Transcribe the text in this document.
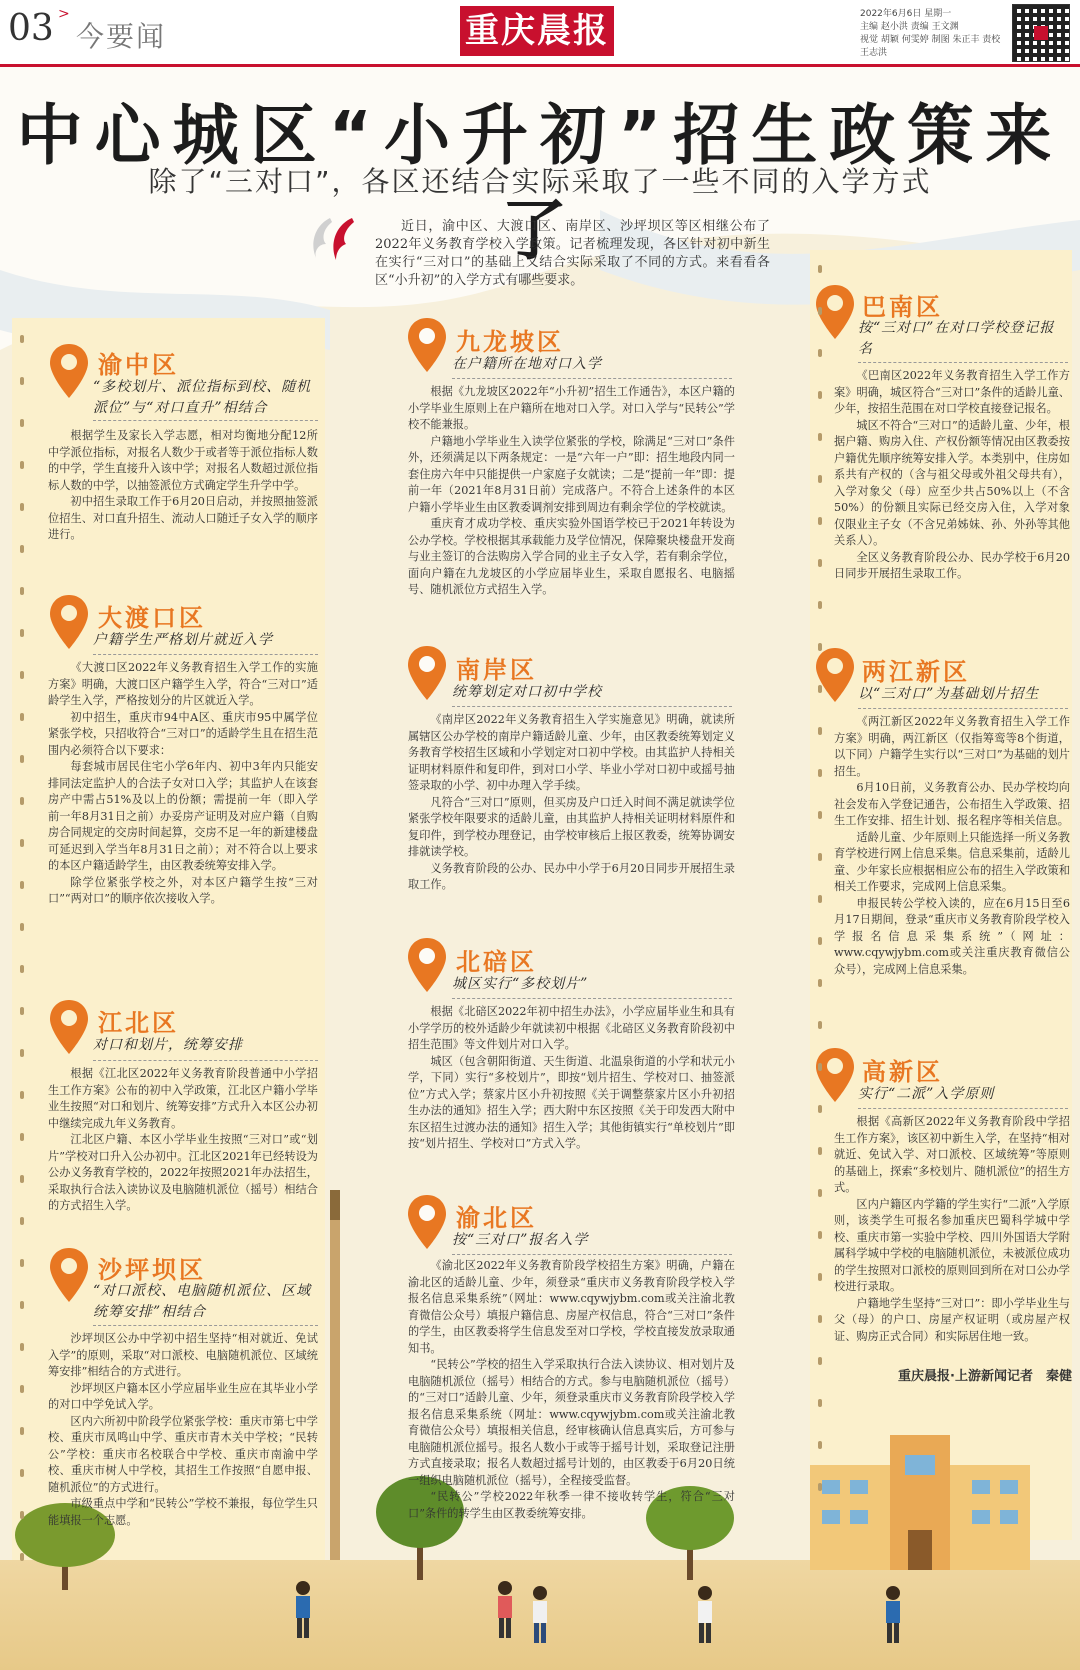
03 >
今要闻	重庆晨报	2022年6月6日 星期一
主编 赵小洪 责编 王文渊
视觉 胡颖 何雯婷 制图 朱正丰 责校 王志洪
中心城区“小升初”招生政策来了
除了“三对口”，各区还结合实际采取了一些不同的入学方式
近日，渝中区、大渡口区、南岸区、沙坪坝区等区相继公布了2022年义务教育学校入学政策。记者梳理发现，各区针对初中新生在实行“三对口”的基础上又结合实际采取了不同的方式。来看看各区“小升初”的入学方式有哪些要求。
渝中区
“多校划片、派位指标到校、随机派位”与“对口直升”相结合

根据学生及家长入学志愿，相对均衡地分配12所中学派位指标，对报名人数少于或者等于派位指标人数的中学，学生直接升入该中学；对报名人数超过派位指标人数的中学，以抽签派位方式确定学生升学中学。

初中招生录取工作于6月20日启动，并按照抽签派位招生、对口直升招生、流动人口随迁子女入学的顺序进行。

大渡口区
户籍学生严格划片就近入学

《大渡口区2022年义务教育招生入学工作的实施方案》明确，大渡口区户籍学生入学，符合“三对口”适龄学生入学，严格按划分的片区就近入学。

初中招生，重庆市94中A区、重庆市95中属学位紧张学校，只招收符合“三对口”的适龄学生且在招生范围内必须符合以下要求：

每套城市居民住宅小学6年内、初中3年内只能安排同法定监护人的合法子女对口入学；其监护人在该套房产中需占51%及以上的份额；需提前一年（即入学前一年8月31日之前）办妥房产证明及对应户籍（自购房合同规定的交房时间起算，交房不足一年的新建楼盘可延迟到入学当年8月31日之前）；对不符合以上要求的本区户籍适龄学生，由区教委统筹安排入学。

除学位紧张学校之外，对本区户籍学生按“三对口”“两对口”的顺序依次接收入学。

江北区
对口和划片，统筹安排

根据《江北区2022年义务教育阶段普通中小学招生工作方案》公布的初中入学政策，江北区户籍小学毕业生按照“对口和划片、统筹安排”方式升入本区公办初中继续完成九年义务教育。

江北区户籍、本区小学毕业生按照“三对口”或“划片”学校对口升入公办初中。江北区2021年已经转设为公办义务教育学校的，2022年按照2021年办法招生，采取执行合法入读协议及电脑随机派位（摇号）相结合的方式招生入学。

沙坪坝区
“对口派校、电脑随机派位、区域统筹安排”相结合

沙坪坝区公办中学初中招生坚持“相对就近、免试入学”的原则，采取“对口派校、电脑随机派位、区域统筹安排”相结合的方式进行。

沙坪坝区户籍本区小学应届毕业生应在其毕业小学的对口中学免试入学。

区内六所初中阶段学位紧张学校：重庆市第七中学校、重庆市凤鸣山中学、重庆市青木关中学校；“民转公”学校：重庆市名校联合中学校、重庆市南渝中学校、重庆市树人中学校，其招生工作按照“自愿申报、随机派位”的方式进行。

市级重点中学和“民转公”学校不兼报，每位学生只能填报一个志愿。

九龙坡区
在户籍所在地对口入学

根据《九龙坡区2022年“小升初”招生工作通告》，本区户籍的小学毕业生原则上在户籍所在地对口入学。对口入学与“民转公”学校不能兼报。

户籍地小学毕业生入读学位紧张的学校，除满足“三对口”条件外，还须满足以下两条规定：一是“六年一户”即：招生地段内同一套住房六年中只能提供一户家庭子女就读；二是“提前一年”即：提前一年（2021年8月31日前）完成落户。不符合上述条件的本区户籍小学毕业生由区教委调剂安排到周边有剩余学位的学校就读。

重庆育才成功学校、重庆实验外国语学校已于2021年转设为公办学校。学校根据其承载能力及学位情况，保障聚块楼盘开发商与业主签订的合法购房入学合同的业主子女入学，若有剩余学位，面向户籍在九龙坡区的小学应届毕业生，采取自愿报名、电脑摇号、随机派位方式招生入学。

南岸区
统筹划定对口初中学校

《南岸区2022年义务教育招生入学实施意见》明确，就读所属辖区公办学校的南岸户籍适龄儿童、少年，由区教委统筹划定义务教育学校招生区域和小学划定对口初中学校。由其监护人持相关证明材料原件和复印件，到对口小学、毕业小学对口初中或摇号抽签录取的小学、初中办理入学手续。

凡符合“三对口”原则，但买房及户口迁入时间不满足就读学位紧张学校年限要求的适龄儿童，由其监护人持相关证明材料原件和复印件，到学校办理登记，由学校审核后上报区教委，统筹协调安排就读学校。

义务教育阶段的公办、民办中小学于6月20日同步开展招生录取工作。

北碚区
城区实行“多校划片”

根据《北碚区2022年初中招生办法》，小学应届毕业生和具有小学学历的校外适龄少年就读初中根据《北碚区义务教育阶段初中招生范围》等文件划片对口入学。

城区（包含朝阳街道、天生街道、北温泉街道的小学和状元小学，下同）实行“多校划片”，即按“划片招生、学校对口、抽签派位”方式入学；蔡家片区小升初按照《关于调整蔡家片区小升初招生办法的通知》招生入学；西大附中东区按照《关于印发西大附中东区招生过渡办法的通知》招生入学；其他街镇实行“单校划片”即按“划片招生、学校对口”方式入学。

渝北区
按“三对口”报名入学

《渝北区2022年义务教育阶段学校招生方案》明确，户籍在渝北区的适龄儿童、少年，须登录“重庆市义务教育阶段学校入学报名信息采集系统”（网址：www.cqywjybm.com或关注渝北教育微信公众号）填报户籍信息、房屋产权信息，符合“三对口”条件的学生，由区教委将学生信息发至对口学校，学校直接发放录取通知书。

“民转公”学校的招生入学采取执行合法入读协议、相对划片及电脑随机派位（摇号）相结合的方式。参与电脑随机派位（摇号）的“三对口”适龄儿童、少年，须登录重庆市义务教育阶段学校入学报名信息采集系统（网址：www.cqywjybm.com或关注渝北教育微信公众号）填报相关信息，经审核确认信息真实后，方可参与电脑随机派位摇号。报名人数小于或等于摇号计划，采取登记注册方式直接录取；报名人数超过摇号计划的，由区教委于6月20日统一组织电脑随机派位（摇号），全程接受监督。

“民转公”学校2022年秋季一律不接收转学生，符合“三对口”条件的转学生由区教委统筹安排。

巴南区
按“三对口”在对口学校登记报名

《巴南区2022年义务教育招生入学工作方案》明确，城区符合“三对口”条件的适龄儿童、少年，按招生范围在对口学校直接登记报名。

城区不符合“三对口”的适龄儿童、少年，根据户籍、购房入住、产权份额等情况由区教委按户籍优先顺序统筹安排入学。本类别中，住房如系共有产权的（含与祖父母或外祖父母共有），入学对象父（母）应至少共占50%以上（不含50%）的份额且实际已经交房入住，入学对象仅限业主子女（不含兄弟姊妹、孙、外孙等其他关系人）。

全区义务教育阶段公办、民办学校于6月20日同步开展招生录取工作。

两江新区
以“三对口”为基础划片招生

《两江新区2022年义务教育招生入学工作方案》明确，两江新区（仅指筹鸾等8个街道，以下同）户籍学生实行以“三对口”为基础的划片招生。

6月10日前，义务教育公办、民办学校均向社会发布入学登记通告，公布招生入学政策、招生工作安排、招生计划、报名程序等相关信息。

适龄儿童、少年原则上只能选择一所义务教育学校进行网上信息采集。信息采集前，适龄儿童、少年家长应根据相应公布的招生入学政策和相关工作要求，完成网上信息采集。

申报民转公学校入读的，应在6月15日至6月17日期间，登录“重庆市义务教育阶段学校入学报名信息采集系统”（网址：www.cqywjybm.com或关注重庆教育微信公众号），完成网上信息采集。

高新区
实行“二派”入学原则

根据《高新区2022年义务教育阶段中学招生工作方案》，该区初中新生入学，在坚持“相对就近、免试入学、对口派校、区域统筹”等原则的基础上，探索“多校划片、随机派位”的招生方式。

区内户籍区内学籍的学生实行“二派”入学原则，该类学生可报名参加重庆巴蜀科学城中学校、重庆市第一实验中学校、四川外国语大学附属科学城中学校的电脑随机派位，未被派位成功的学生按照对口派校的原则回到所在对口公办学校进行录取。

户籍地学生坚持“三对口”：即小学毕业生与父（母）的户口、房屋产权证明（或房屋产权证、购房正式合同）和实际居住地一致。

重庆晨报·上游新闻记者　秦健
